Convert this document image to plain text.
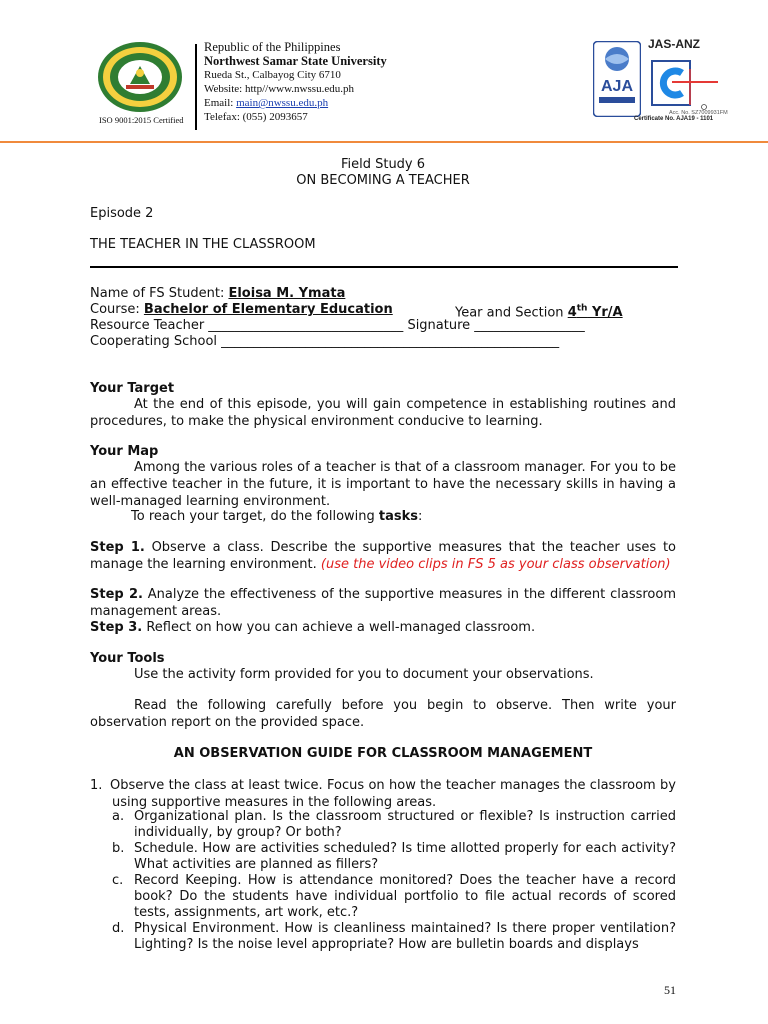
ISO 9001:2015 Certified
Republic of the Philippines
Northwest Samar State University
Rueda St., Calbayog City 6710
Website: http//www.nwssu.edu.ph
Email: main@nwssu.edu.ph
Telefax: (055) 2093657
AJA
JAS-ANZ
Acc. No. SZ7009931FM
Certificate No. AJA19 - 1101
Field Study 6
ON BECOMING A TEACHER
Episode 2
THE TEACHER IN THE CLASSROOM
Name of FS Student: Eloisa M. Ymata
Course: Bachelor of Elementary Education	Year and Section 4th Yr/A
Resource Teacher ______________________________ Signature _________________
Cooperating School ____________________________________________________
Your Target
At the end of this episode, you will gain competence in establishing routines and procedures, to make the physical environment conducive to learning.
Your Map
Among the various roles of a teacher is that of a classroom manager. For you to be an effective teacher in the future, it is important to have the necessary skills in having a well-managed learning environment.
To reach your target, do the following tasks:
Step 1. Observe a class. Describe the supportive measures that the teacher uses to manage the learning environment. (use the video clips in FS 5 as your class observation)
Step 2. Analyze the effectiveness of the supportive measures in the different classroom management areas.
Step 3. Reflect on how you can achieve a well-managed classroom.
Your Tools
Use the activity form provided for you to document your observations.
Read the following carefully before you begin to observe. Then write your observation report on the provided space.
AN OBSERVATION GUIDE FOR CLASSROOM MANAGEMENT
1. Observe the class at least twice. Focus on how the teacher manages the classroom by using supportive measures in the following areas.
a. Organizational plan. Is the classroom structured or flexible? Is instruction carried individually, by group? Or both?
b. Schedule. How are activities scheduled? Is time allotted properly for each activity? What activities are planned as fillers?
c. Record Keeping. How is attendance monitored? Does the teacher have a record book? Do the students have individual portfolio to file actual records of scored tests, assignments, art work, etc.?
d. Physical Environment. How is cleanliness maintained? Is there proper ventilation? Lighting? Is the noise level appropriate? How are bulletin boards and displays
51
